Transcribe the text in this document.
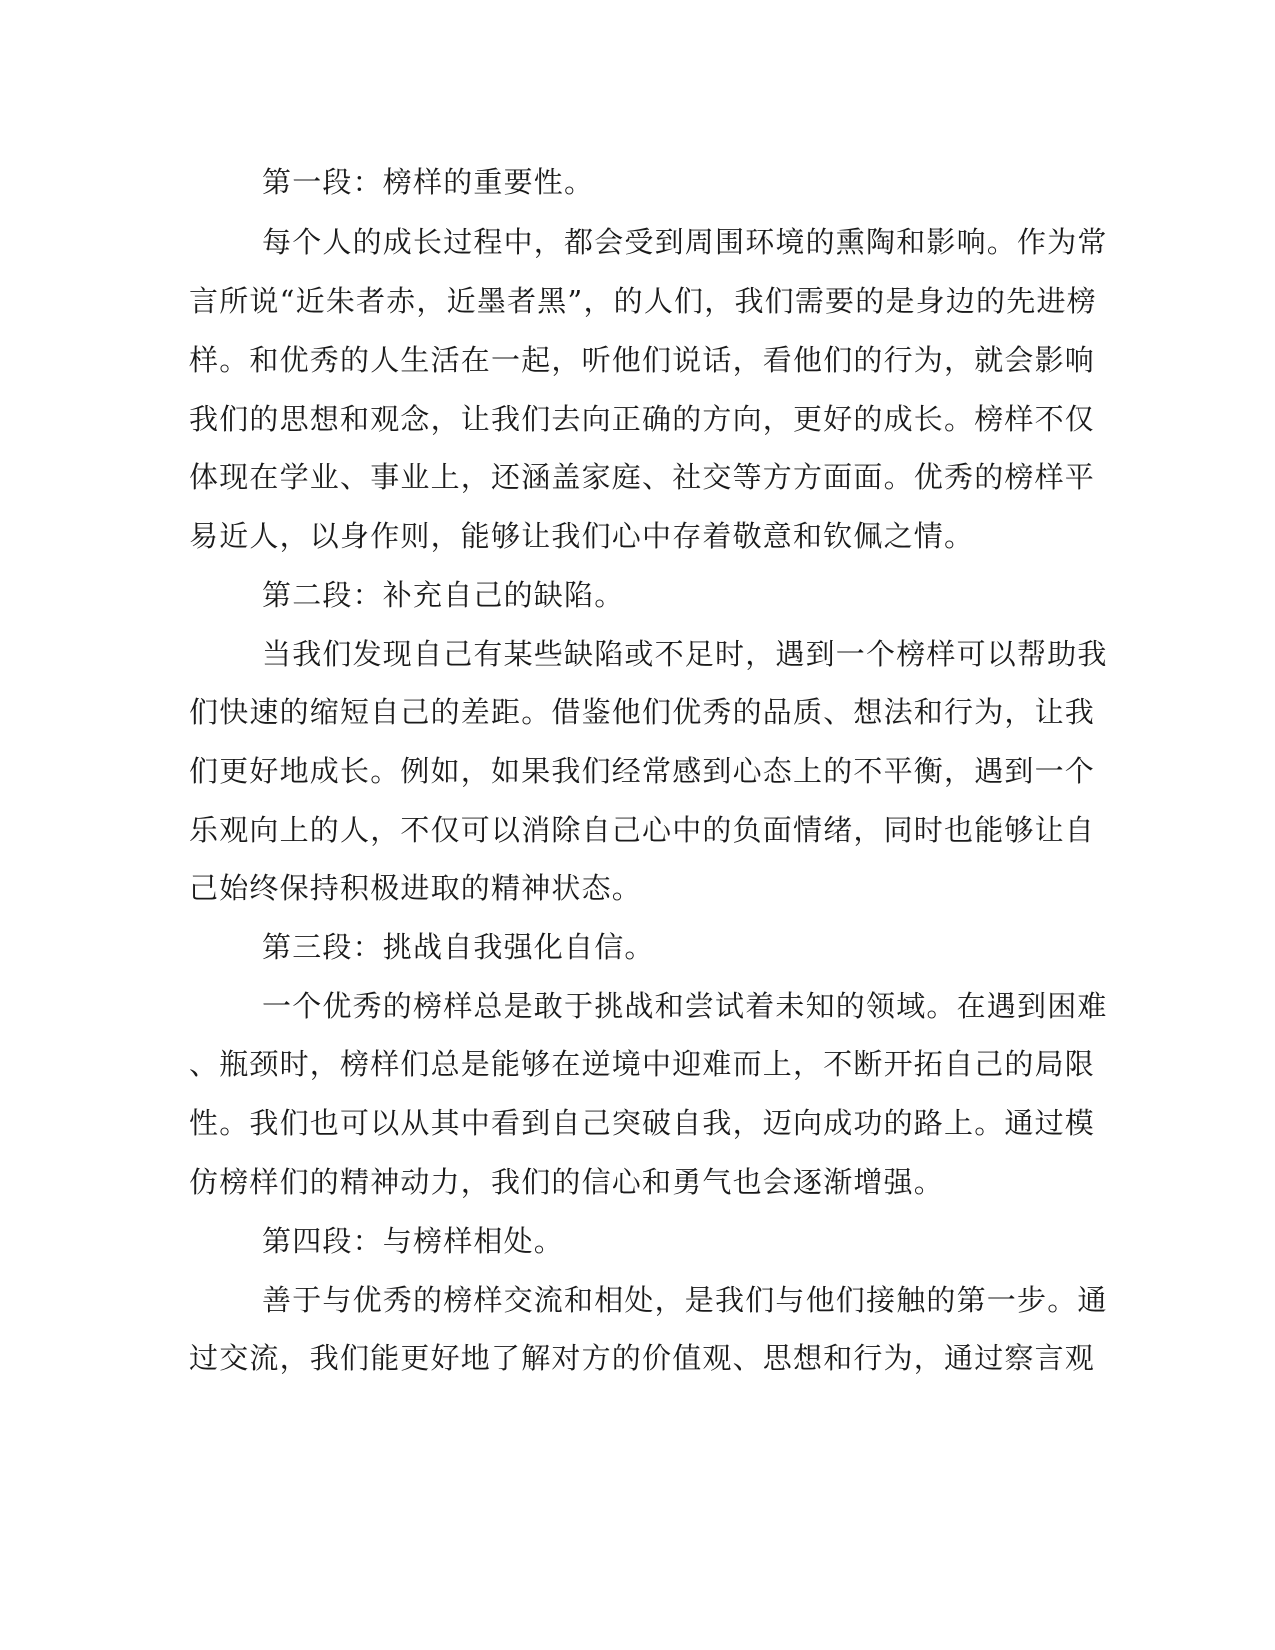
第一段：榜样的重要性。
每个人的成长过程中，都会受到周围环境的熏陶和影响。作为常
言所说“近朱者赤，近墨者黑”，的人们，我们需要的是身边的先进榜
样。和优秀的人生活在一起，听他们说话，看他们的行为，就会影响
我们的思想和观念，让我们去向正确的方向，更好的成长。榜样不仅
体现在学业、事业上，还涵盖家庭、社交等方方面面。优秀的榜样平
易近人，以身作则，能够让我们心中存着敬意和钦佩之情。
第二段：补充自己的缺陷。
当我们发现自己有某些缺陷或不足时，遇到一个榜样可以帮助我
们快速的缩短自己的差距。借鉴他们优秀的品质、想法和行为，让我
们更好地成长。例如，如果我们经常感到心态上的不平衡，遇到一个
乐观向上的人，不仅可以消除自己心中的负面情绪，同时也能够让自
己始终保持积极进取的精神状态。
第三段：挑战自我强化自信。
一个优秀的榜样总是敢于挑战和尝试着未知的领域。在遇到困难
、瓶颈时，榜样们总是能够在逆境中迎难而上，不断开拓自己的局限
性。我们也可以从其中看到自己突破自我，迈向成功的路上。通过模
仿榜样们的精神动力，我们的信心和勇气也会逐渐增强。
第四段：与榜样相处。
善于与优秀的榜样交流和相处，是我们与他们接触的第一步。通
过交流，我们能更好地了解对方的价值观、思想和行为，通过察言观
